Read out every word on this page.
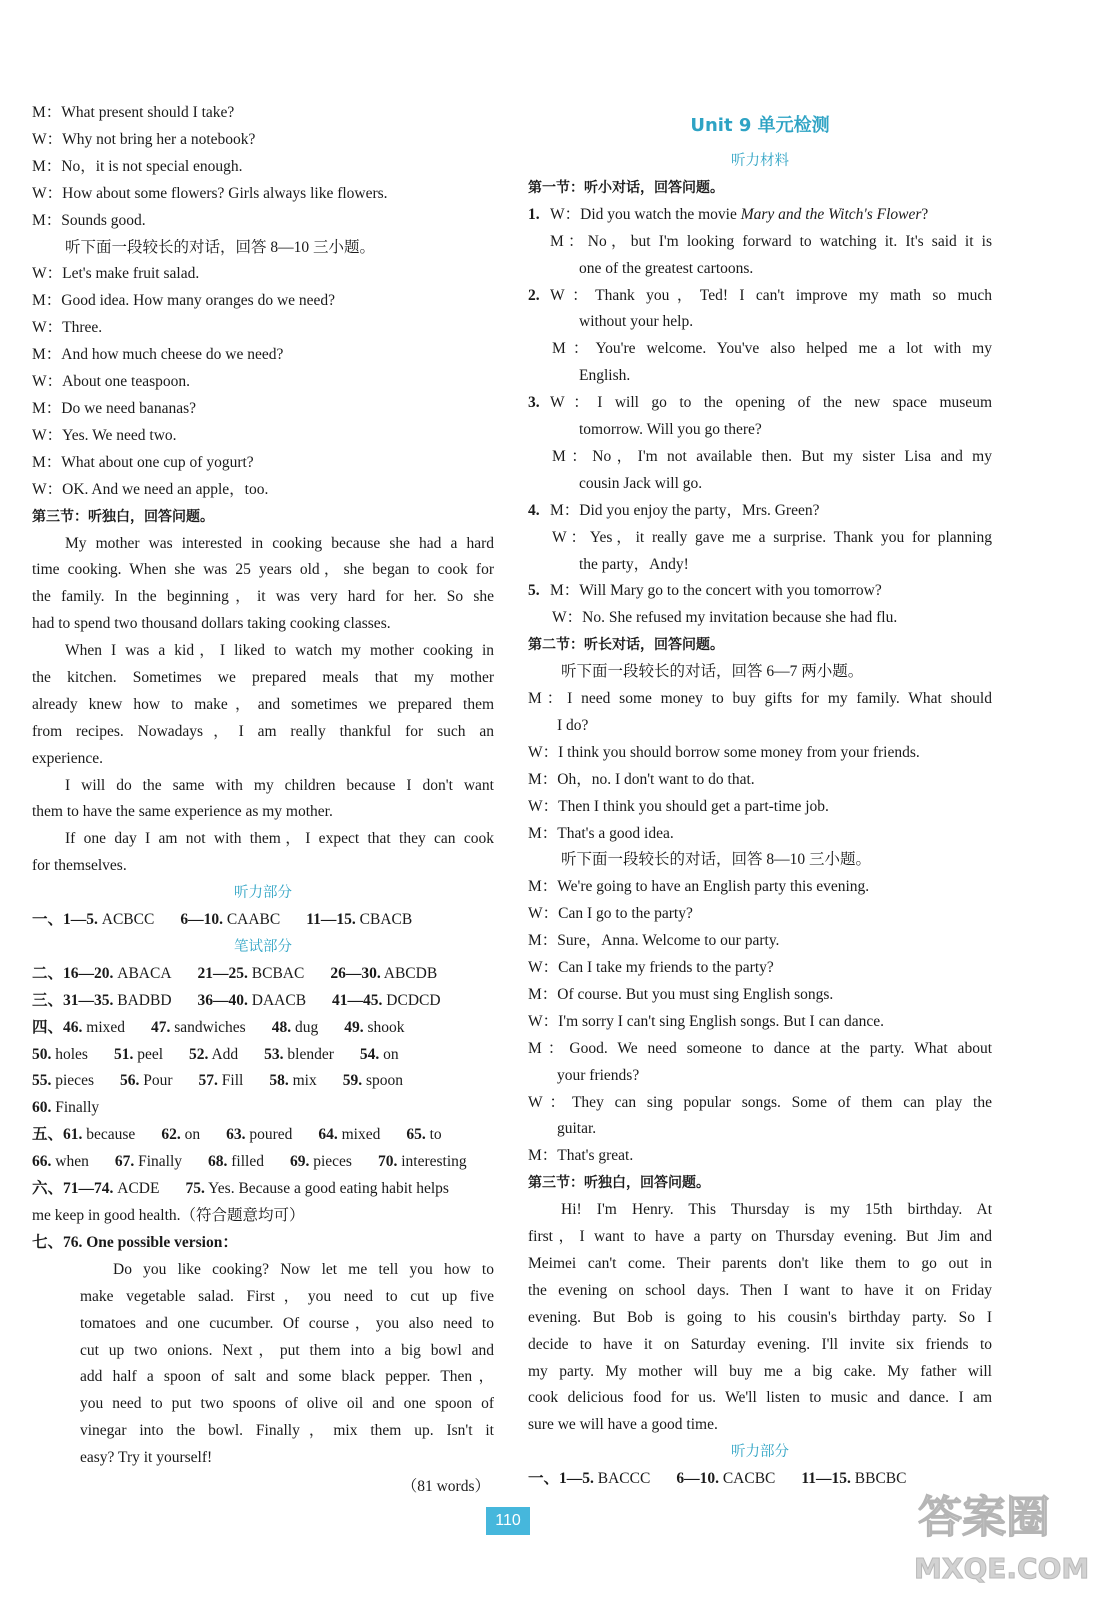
M：What present should I take?
W：Why not bring her a notebook?
M：No，it is not special enough.
W：How about some flowers? Girls always like flowers.
M：Sounds good.
听下面一段较长的对话，回答 8—10 三小题。
W：Let's make fruit salad.
M：Good idea. How many oranges do we need?
W：Three.
M：And how much cheese do we need?
W：About one teaspoon.
M：Do we need bananas?
W：Yes. We need two.
M：What about one cup of yogurt?
W：OK. And we need an apple，too.
第三节：听独白，回答问题。
My mother was interested in cooking because she had a hard
time cooking. When she was 25 years old，she began to cook for
the family. In the beginning，it was very hard for her. So she
had to spend two thousand dollars taking cooking classes.
When I was a kid，I liked to watch my mother cooking in
the kitchen. Sometimes we prepared meals that my mother
already knew how to make，and sometimes we prepared them
from recipes. Nowadays，I am really thankful for such an
experience.
I will do the same with my children because I don't want
them to have the same experience as my mother.
If one day I am not with them，I expect that they can cook
for themselves.
听力部分
一、1—5. ACBCC 6—10. CAABC 11—15. CBACB
笔试部分
二、16—20. ABACA 21—25. BCBAC 26—30. ABCDB
三、31—35. BADBD 36—40. DAACB 41—45. DCDCD
四、46. mixed 47. sandwiches 48. dug 49. shook
50. holes 51. peel 52. Add 53. blender 54. on
55. pieces 56. Pour 57. Fill 58. mix 59. spoon
60. Finally
五、61. because 62. on 63. poured 64. mixed 65. to
66. when 67. Finally 68. filled 69. pieces 70. interesting
六、71—74. ACDE 75. Yes. Because a good eating habit helps
me keep in good health.（符合题意均可）
七、76. One possible version：
Do you like cooking? Now let me tell you how to
make vegetable salad. First，you need to cut up five
tomatoes and one cucumber. Of course，you also need to
cut up two onions. Next，put them into a big bowl and
add half a spoon of salt and some black pepper. Then，
you need to put two spoons of olive oil and one spoon of
vinegar into the bowl. Finally，mix them up. Isn't it
easy? Try it yourself!
（81 words）
Unit 9 单元检测
听力材料
第一节：听小对话，回答问题。
1. W：Did you watch the movie Mary and the Witch's Flower?
M：No，but I'm looking forward to watching it. It's said it is
one of the greatest cartoons.
2. W：Thank you，Ted! I can't improve my math so much
without your help.
M：You're welcome. You've also helped me a lot with my
English.
3. W：I will go to the opening of the new space museum
tomorrow. Will you go there?
M：No，I'm not available then. But my sister Lisa and my
cousin Jack will go.
4. M：Did you enjoy the party，Mrs. Green?
W：Yes，it really gave me a surprise. Thank you for planning
the party，Andy!
5. M：Will Mary go to the concert with you tomorrow?
W：No. She refused my invitation because she had flu.
第二节：听长对话，回答问题。
听下面一段较长的对话，回答 6—7 两小题。
M：I need some money to buy gifts for my family. What should
I do?
W：I think you should borrow some money from your friends.
M：Oh，no. I don't want to do that.
W：Then I think you should get a part-time job.
M：That's a good idea.
听下面一段较长的对话，回答 8—10 三小题。
M：We're going to have an English party this evening.
W：Can I go to the party?
M：Sure，Anna. Welcome to our party.
W：Can I take my friends to the party?
M：Of course. But you must sing English songs.
W：I'm sorry I can't sing English songs. But I can dance.
M：Good. We need someone to dance at the party. What about
your friends?
W：They can sing popular songs. Some of them can play the
guitar.
M：That's great.
第三节：听独白，回答问题。
Hi! I'm Henry. This Thursday is my 15th birthday. At
first，I want to have a party on Thursday evening. But Jim and
Meimei can't come. Their parents don't like them to go out in
the evening on school days. Then I want to have it on Friday
evening. But Bob is going to his cousin's birthday party. So I
decide to have it on Saturday evening. I'll invite six friends to
my party. My mother will buy me a big cake. My father will
cook delicious food for us. We'll listen to music and dance. I am
sure we will have a good time.
听力部分
一、1—5. BACCC 6—10. CACBC 11—15. BBCBC
110	答案圈
MXQE.COM
